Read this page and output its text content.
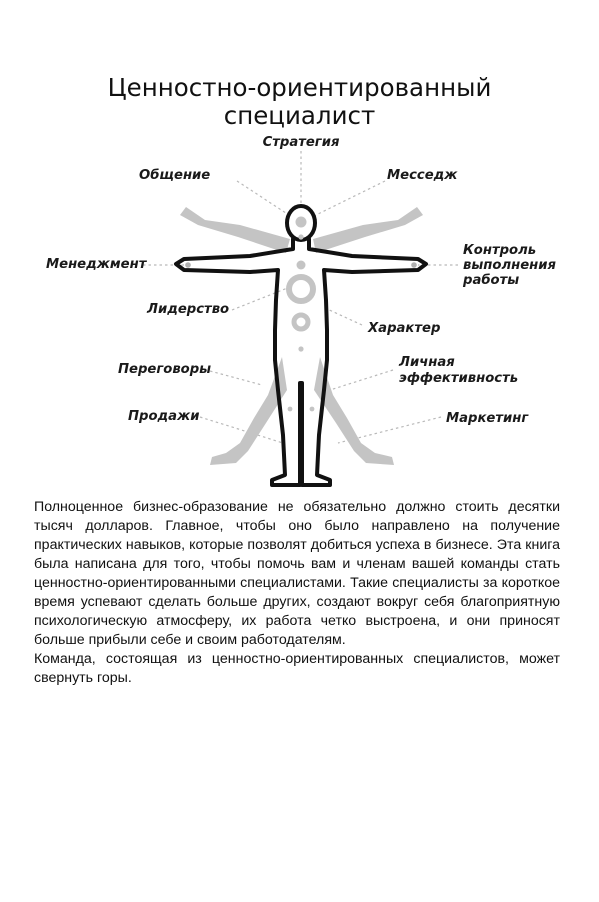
Ценностно-ориентированный
специалист
Стратегия
Общение	Месседж
Менеджмент
Контроль
выполнения
работы
Лидерство
Характер
Переговоры	Личная
эффективность
Продажи	Маркетинг

Полноценное бизнес-образование не обязательно должно стоить десятки тысяч долларов. Главное, чтобы оно было направлено на получение практических навыков, которые позволят добиться успеха в бизнесе. Эта книга была написана для того, чтобы помочь вам и членам вашей команды стать ценностно-ориентированными специалистами. Такие специалисты за короткое время успевают сделать больше других, создают вокруг себя благоприятную психологическую атмосферу, их работа четко выстроена, и они приносят больше прибыли себе и своим работодателям.

Команда, состоящая из ценностно-ориентированных специалистов, может свернуть горы.
